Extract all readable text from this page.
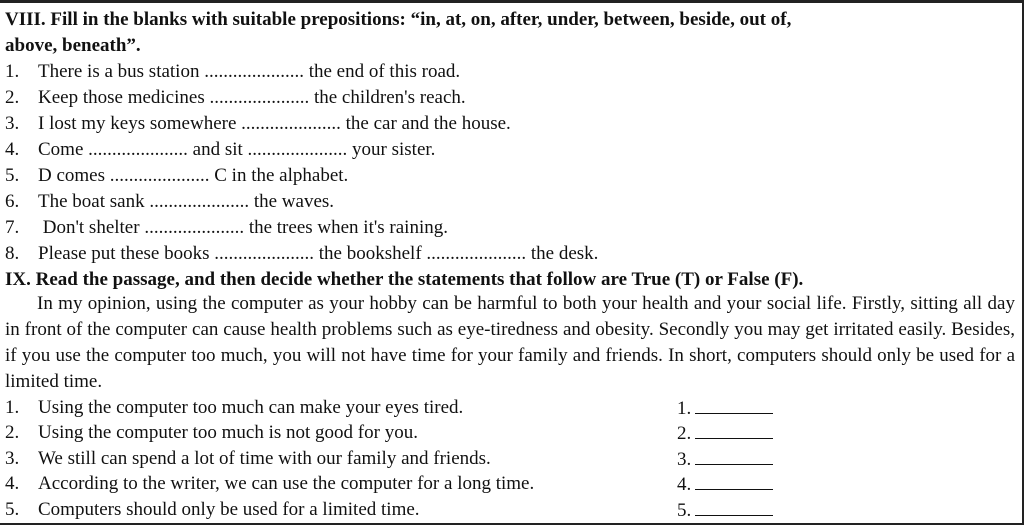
VIII. Fill in the blanks with suitable prepositions: “in, at, on, after, under, between, beside, out of,
above, beneath”.
1. There is a bus station ..................... the end of this road.
2. Keep those medicines ..................... the children's reach.
3. I lost my keys somewhere ..................... the car and the house.
4. Come ..................... and sit ..................... your sister.
5. D comes ..................... C in the alphabet.
6. The boat sank ..................... the waves.
7. Don't shelter ..................... the trees when it's raining.
8. Please put these books ..................... the bookshelf ..................... the desk.
IX. Read the passage, and then decide whether the statements that follow are True (T) or False (F).
In my opinion, using the computer as your hobby can be harmful to both your health and your social life. Firstly, sitting all day in front of the computer can cause health problems such as eye-tiredness and obesity. Secondly you may get irritated easily. Besides, if you use the computer too much, you will not have time for your family and friends. In short, computers should only be used for a limited time.
1. Using the computer too much can make your eyes tired.	1.
2. Using the computer too much is not good for you.	2.
3. We still can spend a lot of time with our family and friends.	3.
4. According to the writer, we can use the computer for a long time.	4.
5. Computers should only be used for a limited time.	5.
